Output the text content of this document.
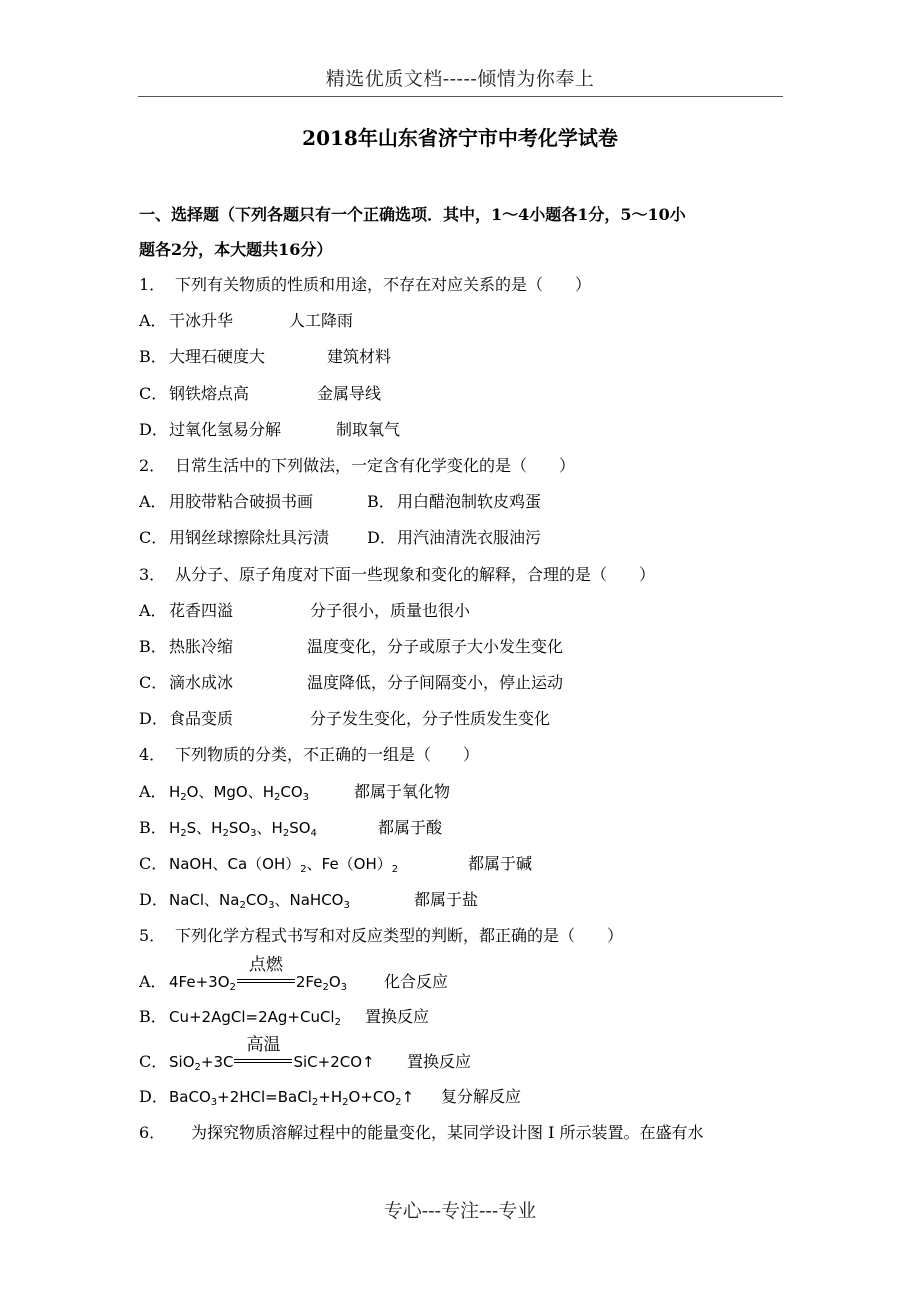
精选优质文档-----倾情为你奉上
2018年山东省济宁市中考化学试卷
一、选择题（下列各题只有一个正确选项．其中，1～4小题各1分，5～10小
题各2分，本大题共16分）
1． 下列有关物质的性质和用途，不存在对应关系的是（　　）
A． 干冰升华	人工降雨
B． 大理石硬度大	建筑材料
C． 钢铁熔点高	金属导线
D．过氧化氢易分解	制取氧气
2． 日常生活中的下列做法，一定含有化学变化的是（　　）
A． 用胶带粘合破损书画	B． 用白醋泡制软皮鸡蛋
C． 用钢丝球擦除灶具污渍 D．用汽油清洗衣服油污
3． 从分子、原子角度对下面一些现象和变化的解释，合理的是（　　）
A． 花香四溢	分子很小，质量也很小
B． 热胀冷缩	温度变化，分子或原子大小发生变化
C． 滴水成冰	温度降低，分子间隔变小，停止运动
D．食品变质	分子发生变化，分子性质发生变化
4． 下列物质的分类，不正确的一组是（　　）
A． $H_2O$、MgO、$H_2CO_3$	都属于氧化物
B． $H_2S$、$H_2SO_3$、$H_2SO_4$	都属于酸
C． NaOH、$Ca(OH)_2$、$Fe(OH)_2$	都属于碱
D．NaCl、$Na_2CO_3$、NaHCO$_3$	都属于盐
5． 下列化学方程式书写和对反应类型的判断，都正确的是（　　）
A． $4Fe+3O_2$
点燃
$2Fe_2O_3$ 化合反应
B． Cu+2AgCl=2Ag+CuCl$_2$ 置换反应
C． SiO$_2$+3C
高温
SiC+2CO↑ 置换反应
D．$BaCO_3+2HCl=BaCl_2+H_2O+CO_2↑$ 复分解反应
6． 为探究物质溶解过程中的能量变化，某同学设计图 I 所示装置。在盛有水
专心---专注---专业
